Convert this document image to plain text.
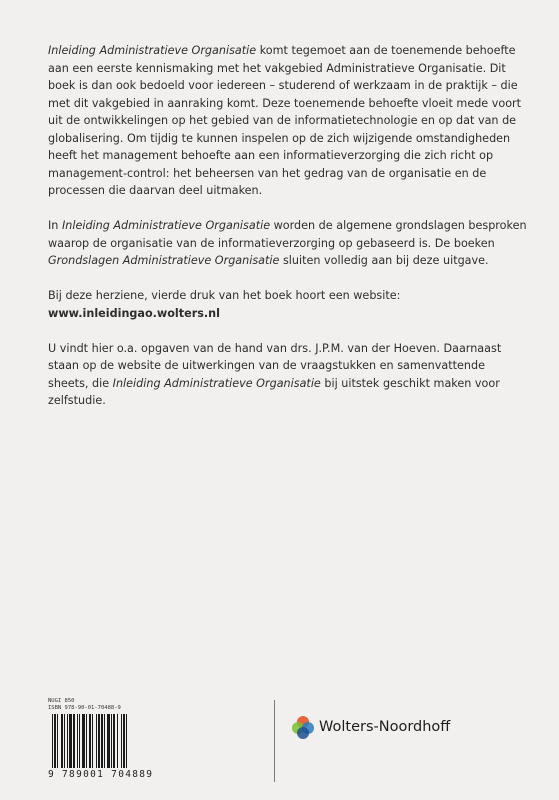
Inleiding Administratieve Organisatie komt tegemoet aan de toenemende behoefte aan een eerste kennismaking met het vakgebied Administratieve Organisatie. Dit boek is dan ook bedoeld voor iedereen – studerend of werkzaam in de praktijk – die met dit vakgebied in aanraking komt. Deze toenemende behoefte vloeit mede voort uit de ontwikkelingen op het gebied van de informatietechnologie en op dat van de globalisering. Om tijdig te kunnen inspelen op de zich wijzigende omstandigheden heeft het management behoefte aan een informatieverzorging die zich richt op management-control: het beheersen van het gedrag van de organisatie en de processen die daarvan deel uitmaken.

In Inleiding Administratieve Organisatie worden de algemene grondslagen besproken waarop de organisatie van de informatieverzorging op gebaseerd is. De boeken Grondslagen Administratieve Organisatie sluiten volledig aan bij deze uitgave.

Bij deze herziene, vierde druk van het boek hoort een website:
www.inleidingao.wolters.nl

U vindt hier o.a. opgaven van de hand van drs. J.P.M. van der Hoeven. Daarnaast staan op de website de uitwerkingen van de vraagstukken en samenvattende sheets, die Inleiding Administratieve Organisatie bij uitstek geschikt maken voor zelfstudie.

NUGI 850
ISBN 978-90-01-70488-9
9 789001 704889
Wolters-Noordhoff
